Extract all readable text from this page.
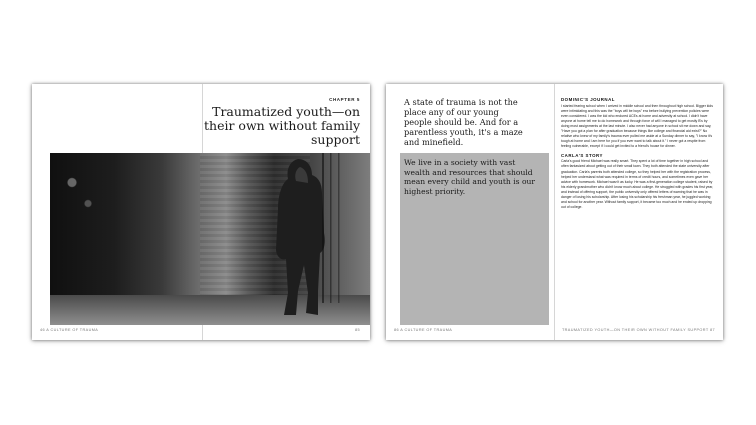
CHAPTER 5
Traumatized youth—on their own without family support
46 A CULTURE OF TRAUMA	85
A state of trauma is not the place any of our young people should be. And for a parentless youth, it's a maze and minefield.
We live in a society with vast wealth and resources that should mean every child and youth is our highest priority.
DOMINIC'S JOURNAL

I started fearing school when I arrived in middle school and then throughout high school. Bigger kids were intimidating and this was the "boys will be boys" era before bullying prevention policies were even considered. I was the kid who endured ACEs at home and adversity at school. I didn't have anyone at home tell me to do homework and through force of will I managed to get mostly B's by doing most assignments at the last minute. I also never had anyone in school sit me down and say, "Have you got a plan for after graduation because things like college and financial aid exist?" No relative who knew of my family's trauma ever pulled me aside at a Sunday dinner to say, "I know it's tough at home and I am here for you if you ever want to talk about it." I never got a respite from feeling vulnerable, except if I could get invited to a friend's house for dinner.

CARLA'S STORY

Carla's good friend Michael was really smart. They spent a lot of time together in high school and often fantasized about getting out of their small town. They both attended the state university after graduation. Carla's parents both attended college, so they helped her with the registration process, helped her understand what was required in terms of credit hours, and sometimes even gave her advice with homework. Michael wasn't as lucky. He was a first-generation college student, raised by his elderly grandmother who didn't know much about college. He struggled with grades his first year, and instead of offering support, the public university only offered letters of warning that he was in danger of losing his scholarship. After losing his scholarship his freshman year, he juggled working and school for another year. Without family support, it became too much and he ended up dropping out of college.

86 A CULTURE OF TRAUMA	TRAUMATIZED YOUTH—ON THEIR OWN WITHOUT FAMILY SUPPORT 87
